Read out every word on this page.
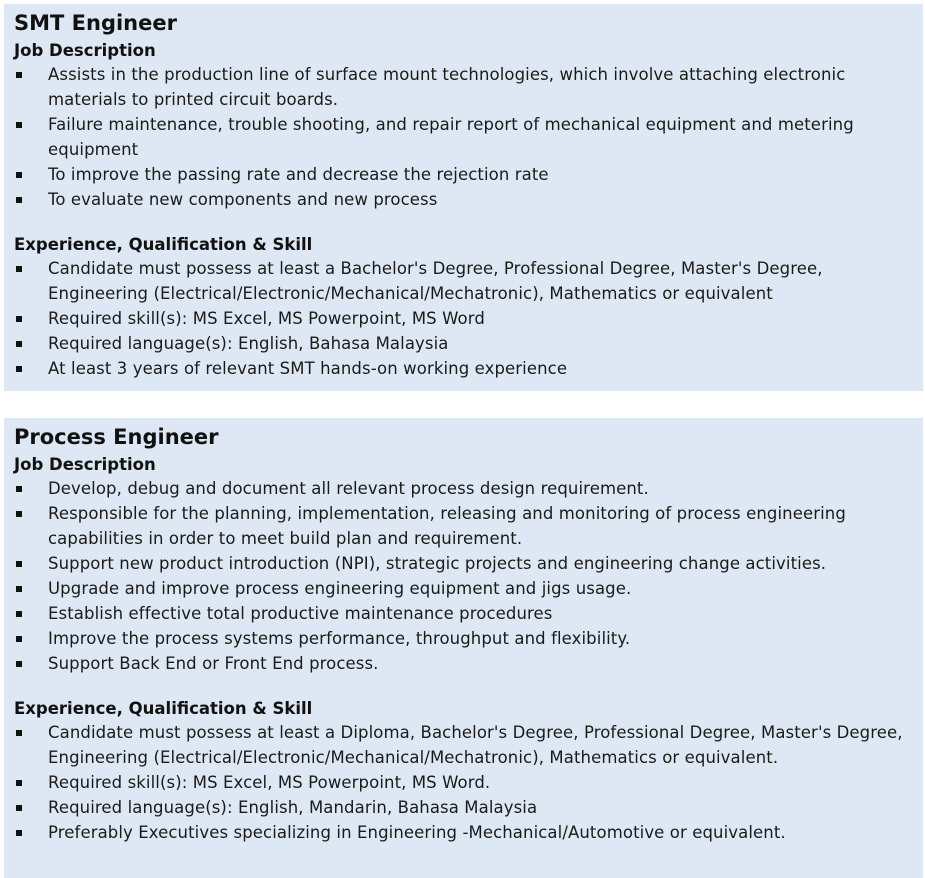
SMT Engineer
Job Description
Assists in the production line of surface mount technologies, which involve attaching electronic materials to printed circuit boards.
Failure maintenance, trouble shooting, and repair report of mechanical equipment and metering equipment
To improve the passing rate and decrease the rejection rate
To evaluate new components and new process
Experience, Qualification & Skill
Candidate must possess at least a Bachelor's Degree, Professional Degree, Master's Degree, Engineering (Electrical/Electronic/Mechanical/Mechatronic), Mathematics or equivalent
Required skill(s): MS Excel, MS Powerpoint, MS Word
Required language(s): English, Bahasa Malaysia
At least 3 years of relevant SMT hands-on working experience
Process Engineer
Job Description
Develop, debug and document all relevant process design requirement.
Responsible for the planning, implementation, releasing and monitoring of process engineering capabilities in order to meet build plan and requirement.
Support new product introduction (NPI), strategic projects and engineering change activities.
Upgrade and improve process engineering equipment and jigs usage.
Establish effective total productive maintenance procedures
Improve the process systems performance, throughput and flexibility.
Support Back End or Front End process.
Experience, Qualification & Skill
Candidate must possess at least a Diploma, Bachelor's Degree, Professional Degree, Master's Degree, Engineering (Electrical/Electronic/Mechanical/Mechatronic), Mathematics or equivalent.
Required skill(s): MS Excel, MS Powerpoint, MS Word.
Required language(s): English, Mandarin, Bahasa Malaysia
Preferably Executives specializing in Engineering -Mechanical/Automotive or equivalent.
